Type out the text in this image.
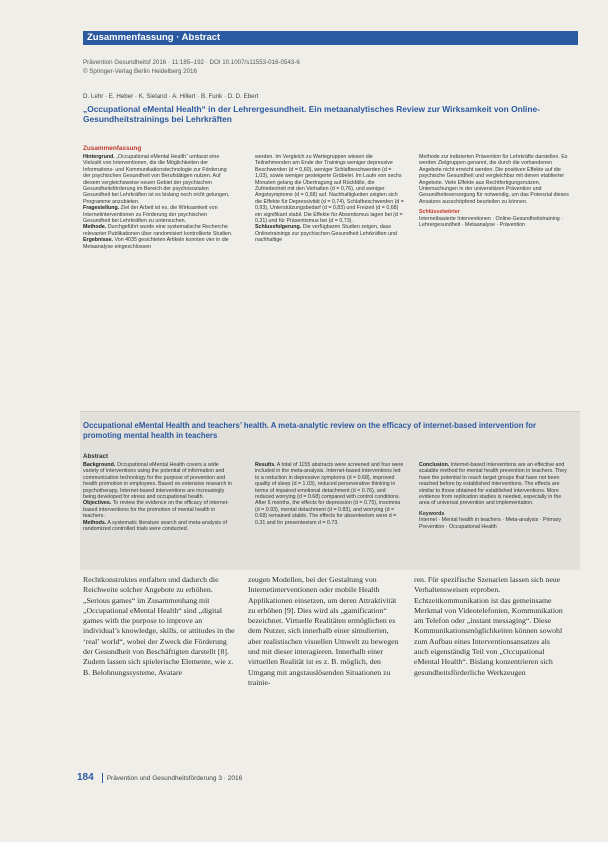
Zusammenfassung · Abstract
Prävention Gesundheitsf 2016 · 11:185–192 · DOI 10.1007/s11553-016-0543-6
© Springer-Verlag Berlin Heidelberg 2016
D. Lehr · E. Heber · K. Sieland · A. Hillert · B. Funk · D. D. Ebert
„Occupational eMental Health“ in der Lehrergesundheit. Ein metaanalytisches Review zur Wirksamkeit von Online-Gesundheitstrainings bei Lehrkräften
Zusammenfassung

Hintergrund. „Occupational eMental Health“ umfasst eine Vielzahl von Interventionen, die die Möglichkeiten der Informations- und Kommunikationstechnologie zur Förderung der psychischen Gesundheit von Berufstätigen nutzen. Auf diesem vergleichsweise neuen Gebiet der psychischen Gesundheitsförderung im Bereich der psychosozialen Gesundheit bei Lehrkräften ist es bislang noch nicht gelungen, Programme anzubieten.

Fragestellung. Ziel der Arbeit ist es, die Wirksamkeit von Internetinterventionen zu Förderung der psychischen Gesundheit bei Lehrkräften zu untersuchen.

Methode. Durchgeführt wurde eine systematische Recherche relevanter Publikationen über randomisiert kontrollierte Studien.

Ergebnisse. Von 4035 gesichteten Artikeln konnten vier in die Metaanalyse eingeschlossen

werden. Im Vergleich zu Wartegruppen wiesen die Teilnehmenden am Ende der Trainings weniger depressive Beschwerden (d = 0,60), weniger Schlafbeschwerden (d = 1,03), sowie weniger gesteigerte Grübelei. Im Laufe von sechs Monaten gelang die Übertragung auf Rückfälle, die Zufriedenheit mit den Verhalten (d = 0,76), und weniger Angstsymptome (d = 0,68) auf. Nachhaltigkeiten zeigten sich die Effekte für Depressivität (d = 0,74), Schlafbeschwerden (d = 0,93), Unterstützungsbedarf (d = 0,83) und Freizeit (d = 0,68) ein signifikant stabil. Die Effekte für Absentismus lagen bei (d = 0,31) und für Präsentismus bei (d = 0,73).

Schlussfolgerung. Die verfügbaren Studien zeigen, dass Onlinetrainings zur psychischen Gesundheit Lehrkräften und nachhaltige

Methode zur indizierten Prävention für Lehrkräfte darstellen. Es werden Zielgruppen genannt, die durch die vorhandenen Angebote nicht erreicht werden. Die positiven Effekte auf die psychische Gesundheit und vergleichbar mit denen etablierter Angebote. Viele Effekte aus Rechtfertigungsnutzen, Untersuchungen in der universitären Prävention und Gesundheitsversorgung für notwendig, um das Potenzial dieses Ansatzes ausschöpfend beurteilen zu können.

Schlüsselwörter

Internetbasierte Interventionen · Online-Gesundheitstraining · Lehrergesundheit · Metaanalyse · Prävention

Occupational eMental Health and teachers’ health. A meta-analytic review on the efficacy of internet-based intervention for promoting mental health in teachers
Abstract

Background. Occupational eMental Health covers a wide variety of interventions using the potential of information and communication technology for the purpose of prevention and health promotion in employees. Based on extensive research in psychotherapy, Internet-based interventions are increasingly being developed for stress and occupational health.

Objectives. To review the evidence on the efficacy of internet-based interventions for the promotion of mental health in teachers.

Methods. A systematic literature search and meta-analysis of randomized controlled trials were conducted.

Results. A total of 1155 abstracts were screened and four were included in the meta-analysis. Internet-based interventions led to a reduction in depressive symptoms (d = 0.68), improved quality of sleep (d = 1.03), reduced perseverative thinking in terms of impaired emotional detachment (d = 0.76), and reduced worrying (d = 0.68) compared with control conditions. After 6 months, the effects for depression (d = 0.75), insomnia (d = 0.93), mental detachment (d = 0.83), and worrying (d = 0.68) remained stable. The effects for absenteeism were d = 0.31 and for presenteeism d = 0.73.

Conclusion. Internet-based interventions are an effective and scalable method for mental health prevention in teachers. They have the potential to reach target groups that have not been reached before by established interventions. The effects are similar to those obtained for established interventions. More evidence from replication studies is needed, especially in the area of universal prevention and implementation.

Keywords

Internet · Mental health in teachers · Meta-analysis · Primary Prevention · Occupational Health

Rechtkonstruktes entfalten und dadurch die Reichweite solcher Angebote zu erhöhen. „Serious games“ im Zusammenhang mit „Occupational eMental Health“ sind „digital games with the purpose to improve an individual’s knowledge, skills, or attitudes in the ‘real’ world“, wobei der Zweck die Förderung der Gesundheit von Beschäftigten darstellt [8]. Zudem lassen sich spielerische Elemente, wie z. B. Belohnungssysteme, Avatare

zeugen Modellen, bei der Gestaltung von Internetinterventionen oder mobile Health Applikationen einsetzen, um deren Attraktivität zu erhöhen [9]. Dies wird als „gamification“ bezeichnet. Virtuelle Realitäten ermöglichen es dem Nutzer, sich innerhalb einer simulierten, aber realistischen visuellen Umwelt zu bewegen und mit dieser interagieren. Innerhalb einer virtuellen Realität ist es z. B. möglich, den Umgang mit angstauslösenden Situationen zu trainie-

ren. Für spezifische Szenarien lassen sich neue Verhaltensweisen erproben. Echtzeitkommunikation ist das gemeinsame Merkmal von Videotelefonien, Kommunikation am Telefon oder „instant messaging“. Diese Kommunikationsmöglichkeiten können sowohl zum Aufbau eines Interventionsansatzes als auch eigenständig Teil von „Occupational eMental Health“. Bislang konzentrieren sich gesundheitsförderliche Werkzeugen

184 Prävention und Gesundheitsförderung 3 · 2016
